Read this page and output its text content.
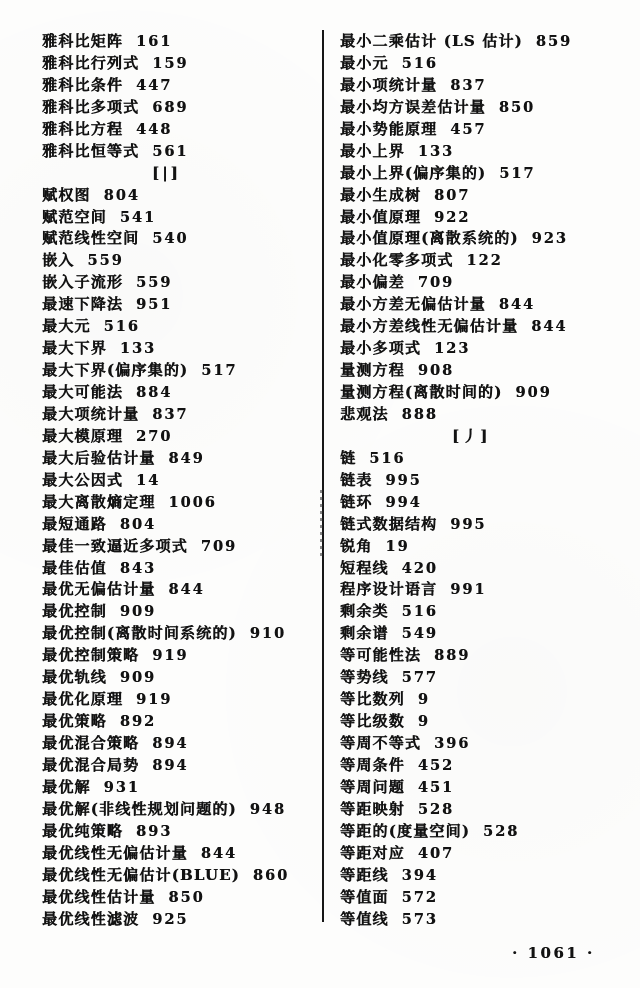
雅科比矩阵 161
雅科比行列式 159
雅科比条件 447
雅科比多项式 689
雅科比方程 448
雅科比恒等式 561
[|]
赋权图 804
赋范空间 541
赋范线性空间 540
嵌入 559
嵌入子流形 559
最速下降法 951
最大元 516
最大下界 133
最大下界(偏序集的) 517
最大可能法 884
最大项统计量 837
最大模原理 270
最大后验估计量 849
最大公因式 14
最大离散熵定理 1006
最短通路 804
最佳一致逼近多项式 709
最佳估值 843
最优无偏估计量 844
最优控制 909
最优控制(离散时间系统的) 910
最优控制策略 919
最优轨线 909
最优化原理 919
最优策略 892
最优混合策略 894
最优混合局势 894
最优解 931
最优解(非线性规划问题的) 948
最优纯策略 893
最优线性无偏估计量 844
最优线性无偏估计(BLUE) 860
最优线性估计量 850
最优线性滤波 925
最小二乘估计 (LS 估计) 859
最小元 516
最小项统计量 837
最小均方误差估计量 850
最小势能原理 457
最小上界 133
最小上界(偏序集的) 517
最小生成树 807
最小值原理 922
最小值原理(离散系统的) 923
最小化零多项式 122
最小偏差 709
最小方差无偏估计量 844
最小方差线性无偏估计量 844
最小多项式 123
量测方程 908
量测方程(离散时间的) 909
悲观法 888
[丿]
链 516
链表 995
链环 994
链式数据结构 995
锐角 19
短程线 420
程序设计语言 991
剩余类 516
剩余谱 549
等可能性法 889
等势线 577
等比数列 9
等比级数 9
等周不等式 396
等周条件 452
等周问题 451
等距映射 528
等距的(度量空间) 528
等距对应 407
等距线 394
等值面 572
等值线 573
· 1061 ·
